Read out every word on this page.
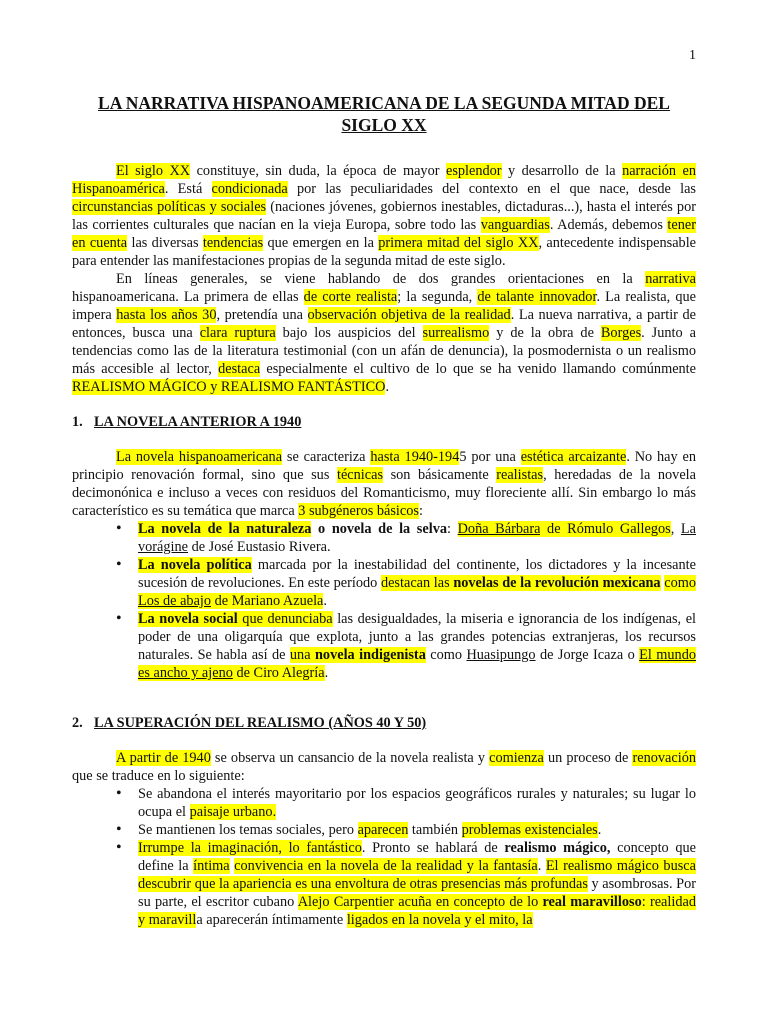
1
LA NARRATIVA HISPANOAMERICANA DE LA SEGUNDA MITAD DEL SIGLO XX

El siglo XX constituye, sin duda, la época de mayor esplendor y desarrollo de la narración en Hispanoamérica. Está condicionada por las peculiaridades del contexto en el que nace, desde las circunstancias políticas y sociales (naciones jóvenes, gobiernos inestables, dictaduras...), hasta el interés por las corrientes culturales que nacían en la vieja Europa, sobre todo las vanguardias. Además, debemos tener en cuenta las diversas tendencias que emergen en la primera mitad del siglo XX, antecedente indispensable para entender las manifestaciones propias de la segunda mitad de este siglo.

En líneas generales, se viene hablando de dos grandes orientaciones en la narrativa hispanoamericana. La primera de ellas de corte realista; la segunda, de talante innovador. La realista, que impera hasta los años 30, pretendía una observación objetiva de la realidad. La nueva narrativa, a partir de entonces, busca una clara ruptura bajo los auspicios del surrealismo y de la obra de Borges. Junto a tendencias como las de la literatura testimonial (con un afán de denuncia), la posmodernista o un realismo más accesible al lector, destaca especialmente el cultivo de lo que se ha venido llamando comúnmente REALISMO MÁGICO y REALISMO FANTÁSTICO.

1. LA NOVELA ANTERIOR A 1940

La novela hispanoamericana se caracteriza hasta 1940-1945 por una estética arcaizante. No hay en principio renovación formal, sino que sus técnicas son básicamente realistas, heredadas de la novela decimonónica e incluso a veces con residuos del Romanticismo, muy floreciente allí. Sin embargo lo más característico es su temática que marca 3 subgéneros básicos:

• La novela de la naturaleza o novela de la selva: Doña Bárbara de Rómulo Gallegos, La vorágine de José Eustasio Rivera.
• La novela política marcada por la inestabilidad del continente, los dictadores y la incesante sucesión de revoluciones. En este período destacan las novelas de la revolución mexicana como Los de abajo de Mariano Azuela.
• La novela social que denunciaba las desigualdades, la miseria e ignorancia de los indígenas, el poder de una oligarquía que explota, junto a las grandes potencias extranjeras, los recursos naturales. Se habla así de una novela indigenista como Huasipungo de Jorge Icaza o El mundo es ancho y ajeno de Ciro Alegría.
2. LA SUPERACIÓN DEL REALISMO (AÑOS 40 Y 50)

A partir de 1940 se observa un cansancio de la novela realista y comienza un proceso de renovación que se traduce en lo siguiente:

• Se abandona el interés mayoritario por los espacios geográficos rurales y naturales; su lugar lo ocupa el paisaje urbano.
• Se mantienen los temas sociales, pero aparecen también problemas existenciales.
• Irrumpe la imaginación, lo fantástico. Pronto se hablará de realismo mágico, concepto que define la íntima convivencia en la novela de la realidad y la fantasía. El realismo mágico busca descubrir que la apariencia es una envoltura de otras presencias más profundas y asombrosas. Por su parte, el escritor cubano Alejo Carpentier acuña en concepto de lo real maravilloso: realidad y maravilla aparecerán íntimamente ligados en la novela y el mito, la
